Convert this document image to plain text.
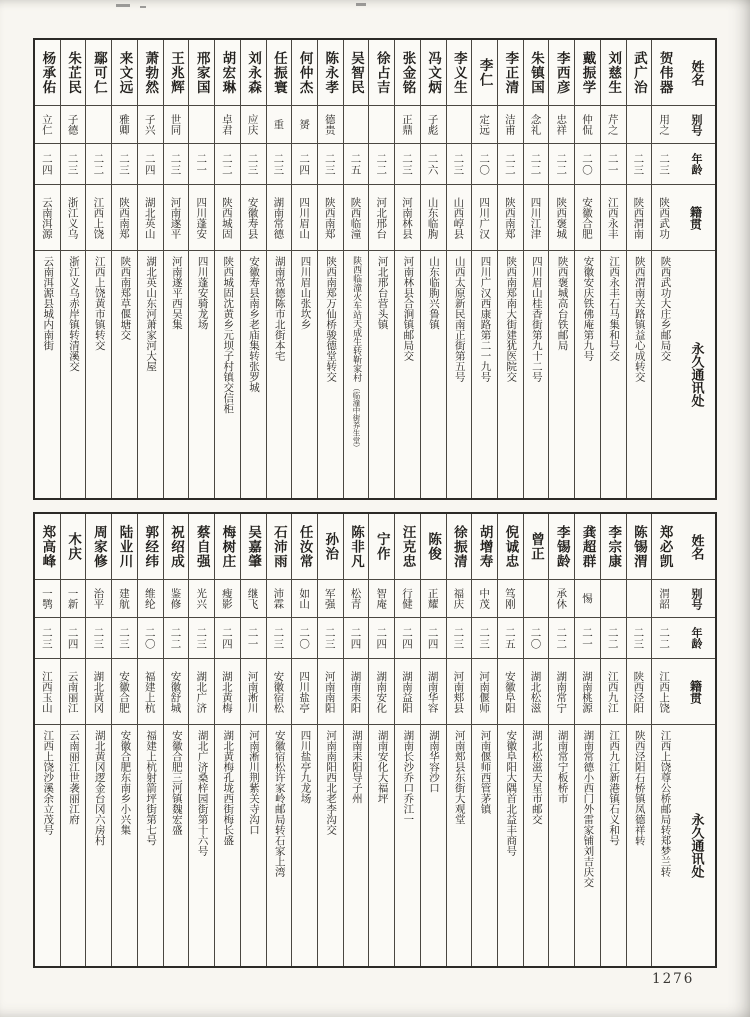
姓名
别号
年龄
籍贯
永久通讯处
贺伟器
用之
二三
陕西武功
陕西武功大庄乡邮局交
武广治
二三
陕西渭南
陕西渭南关路镇益心成转交
刘慈生
芹之
二一
江西永丰
江西永丰石马集和号交
戴振学
仲侃
二〇
安徽合肥
安徽安庆铁佛庵第九号
李西彦
忠祥
二二
陕西褒城
陕西褒城高台铁邮局
朱镇国
念礼
二二
四川江津
四川眉山桂香街第九十二号
李正清
洁甫
二二
陕西南郑
陕西南郑南大街建犹医院交
李仁
定远
二〇
四川广汉
四川广汉西康路第二一九号
李义生
二三
山西崞县
山西太原新民南正街第五号
冯文炳
子彪
二六
山东临朐
山东临朐兴鲁镇
张金铭
正鼎
二三
河南林县
河南林县合涧镇邮局交
徐占吉
二二
河北邢台
河北邢台营头镇
吴智民
二五
陕西临潼
陕西临潼火车站天成生转靳家村
（临潼中街养生堂）
陈永孝
德贵
二三
陕西南郑
陕西南郑万仙桥骏德堂转交
何仲杰
赟
二四
四川眉山
四川眉山张坎乡
任振寰
重
二三
湖南常德
湖南常德陈市北街本宅
刘永森
应庆
二三
安徽寿县
安徽寿县南乡老庙集转张罗城
胡宏琳
卓君
二二
陕西城固
陕西城固沈黄乡元坝子村镇交信柜
邢家国
二一
四川蓬安
四川蓬安骑龙场
王兆辉
世同
二三
河南遂平
河南遂平西吴集
萧勃然
子兴
二四
湖北英山
湖北英山东河萧家河大屋
来文远
雅卿
二三
陕西南郑
陕西南郑草偃塘交
鄢可仁
二二
江西上饶
江西上饶黄市镇转交
朱芷民
子德
二三
浙江义乌
浙江义乌赤岸镇转清溪交
杨承佑
立仁
二四
云南洱源
云南洱源县城内南街
姓名
别号
年龄
籍贯
永久通讯处
郑必凯
渭韶
二二
江西上饶
江西上饶尊公桥邮局转郑梦兰转
陈锡渭
二三
陕西泾阳
陕西泾阳石桥镇凤德祥转
李宗康
二二
江西九江
江西九江新港镇石义和号
龚超群
惕
二一
湖南桃源
湖南常德小西门外雷家铺刘吉庆交
李锡龄
承休
二二
湖南常宁
湖南常宁板桥市
曾正
二〇
湖北松滋
湖北松滋天星市邮交
倪诚忠
笃刚
二五
安徽阜阳
安徽阜阳大隅首北益丰商号
胡增寿
中茂
二三
河南偃师
河南偃师西管茅镇
徐振清
福庆
二三
河南郏县
河南郏县东街大观堂
陈俊
正耀
二四
湖南华容
湖南华容沙口
汪克忠
行健
二四
湖南益阳
湖南长沙乔口乔江一
宁作
智庵
二四
湖南安化
湖南安化大福坪
陈非凡
松青
二四
湖南耒阳
湖南耒阳导子州
孙治
军强
二三
河南南阳
河南南阳西北老李沟交
任汝常
如山
二〇
四川盐亭
四川盐亭九龙场
石沛雨
沛霖
二三
安徽宿松
安徽宿松许家岭邮局转石家上湾
吴嘉肇
继飞
二一
河南淅川
河南淅川荆紫关寺沟口
梅树庄
瘦影
二四
湖北黄梅
湖北黄梅孔垅西街梅长盛
蔡自强
光兴
二三
湖北广济
湖北广济桑梓园街第十六号
祝绍成
鉴修
二二
安徽舒城
安徽合肥三河镇魏宏盛
郭经纬
维纶
二〇
福建上杭
福建上杭射箭坪街第七号
陆业川
建航
二三
安徽合肥
安徽合肥东南乡小兴集
周家修
治平
二三
湖北黄冈
湖北黄冈逻金台冈六房村
木庆
一新
二四
云南丽江
云南丽江世袭丽江府
郑高峰
一鹗
二三
江西玉山
江西上饶沙溪余立茂号
1276
